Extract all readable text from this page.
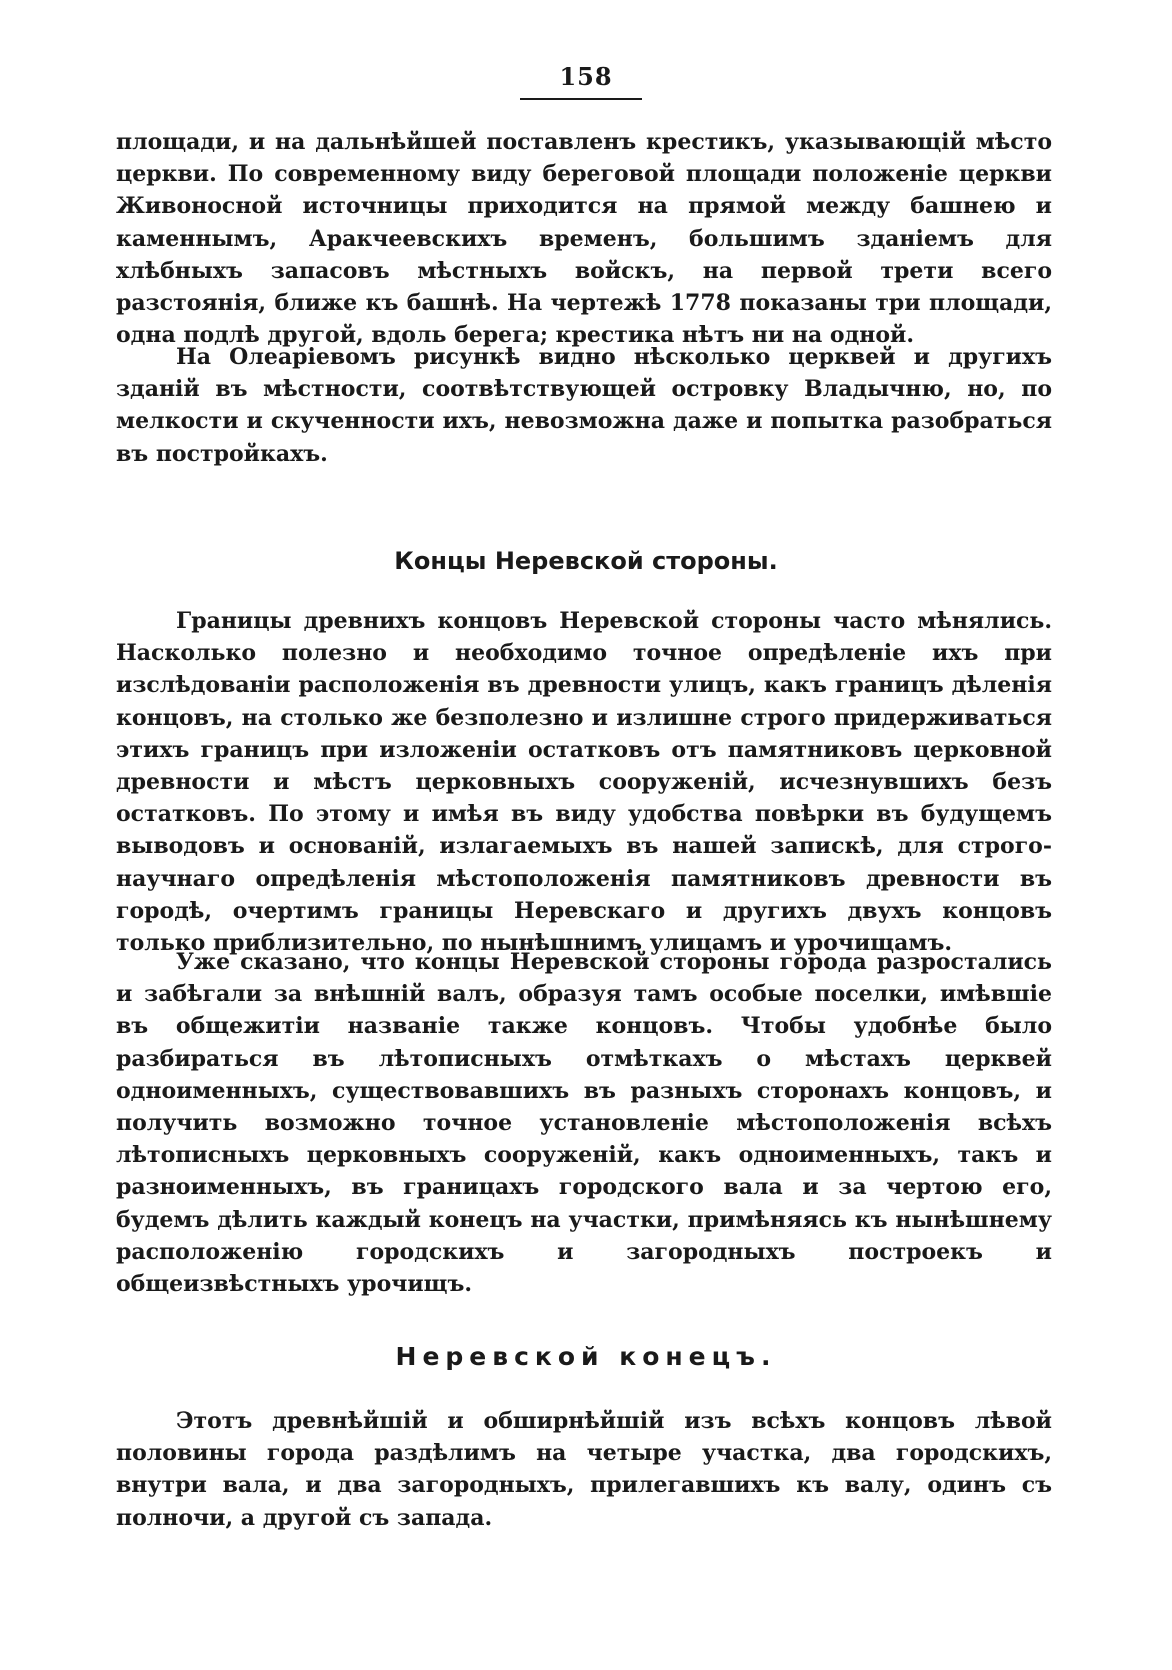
158

площади, и на дальнѣйшей поставленъ крестикъ, указывающій мѣсто церкви. По современному виду береговой площади положеніе церкви Живоносной источницы приходится на прямой между башнею и каменнымъ, Аракчеевскихъ временъ, большимъ зданіемъ для хлѣбныхъ запасовъ мѣстныхъ войскъ, на первой трети всего разстоянія, ближе къ башнѣ. На чертежѣ 1778 показаны три площади, одна подлѣ другой, вдоль берега; крестика нѣтъ ни на одной.

На Олеаріевомъ рисункѣ видно нѣсколько церквей и другихъ зданій въ мѣстности, соотвѣтствующей островку Владычню, но, по мелкости и скученности ихъ, невозможна даже и попытка разобраться въ постройкахъ.

Концы Неревской стороны.

Границы древнихъ концовъ Неревской стороны часто мѣнялись. Насколько полезно и необходимо точное опредѣленіе ихъ при изслѣдованіи расположенія въ древности улицъ, какъ границъ дѣленія концовъ, на столько же безполезно и излишне строго придерживаться этихъ границъ при изложеніи остатковъ отъ памятниковъ церковной древности и мѣстъ церковныхъ сооруженій, исчезнувшихъ безъ остатковъ. По этому и имѣя въ виду удобства повѣрки въ будущемъ выводовъ и основаній, излагаемыхъ въ нашей запискѣ, для строго-научнаго опредѣленія мѣстоположенія памятниковъ древности въ городѣ, очертимъ границы Неревскаго и другихъ двухъ концовъ только приблизительно, по нынѣшнимъ улицамъ и урочищамъ.

Уже сказано, что концы Неревской стороны города разростались и забѣгали за внѣшній валъ, образуя тамъ особые поселки, имѣвшіе въ общежитіи названіе также концовъ. Чтобы удобнѣе было разбираться въ лѣтописныхъ отмѣткахъ о мѣстахъ церквей одноименныхъ, существовавшихъ въ разныхъ сторонахъ концовъ, и получить возможно точное установленіе мѣстоположенія всѣхъ лѣтописныхъ церковныхъ сооруженій, какъ одноименныхъ, такъ и разноименныхъ, въ границахъ городского вала и за чертою его, будемъ дѣлить каждый конецъ на участки, примѣняясь къ нынѣшнему расположенію городскихъ и загородныхъ построекъ и общеизвѣстныхъ урочищъ.

Неревской конецъ.

Этотъ древнѣйшій и обширнѣйшій изъ всѣхъ концовъ лѣвой половины города раздѣлимъ на четыре участка, два городскихъ, внутри вала, и два загородныхъ, прилегавшихъ къ валу, одинъ съ полночи, а другой съ запада.
